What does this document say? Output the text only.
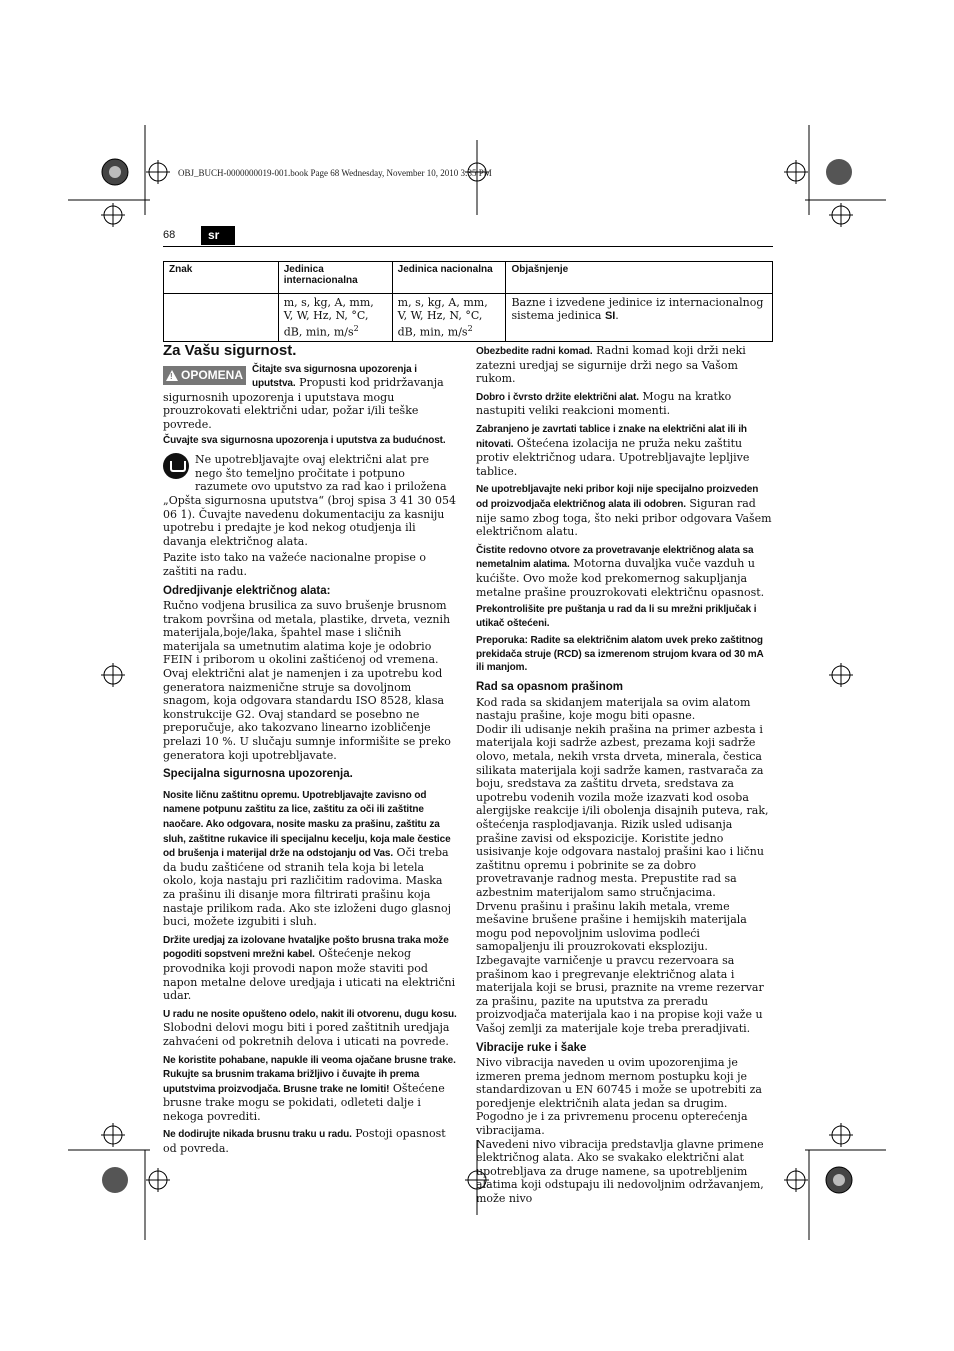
OBJ_BUCH-0000000019-001.book Page 68 Wednesday, November 10, 2010 3:35 PM
68	sr
Znak	Jedinica internacionalna	Jedinica nacionalna	Objašnjenje
	m, s, kg, A, mm, V, W, Hz, N, °C, dB, min, $m/s^2$	m, s, kg, A, mm, V, W, Hz, N, °C, dB, min, $m/s^2$	Bazne i izvedene jedinice iz internacionalnog sistema jedinica SI.
Za Vašu sigurnost.
! OPOMENA Čitajte sva sigurnosna upozorenja i uputstva. Propusti kod pridržavanja sigurnosnih upozorenja i uputstava mogu prouzrokovati električni udar, požar i/ili teške povrede.

Čuvajte sva sigurnosna upozorenja i uputstva za budućnost.

Ne upotrebljavajte ovaj električni alat pre nego što temeljno pročitate i potpuno razumete ovo uputstvo za rad kao i priložena „Opšta sigurnosna uputstva“ (broj spisa 3 41 30 054 06 1). Čuvajte navedenu dokumentaciju za kasniju upotrebu i predajte je kod nekog otudjenja ili davanja električnog alata.

Pazite isto tako na važeće nacionalne propise o zaštiti na radu.

Odredjivanje električnog alata:

Ručno vodjena brusilica za suvo brušenje brusnom trakom površina od metala, plastike, drveta, veznih materijala,boje/laka, špahtel mase i sličnih materijala sa umetnutim alatima koje je odobrio FEIN i priborom u okolini zaštićenoj od vremena.

Ovaj električni alat je namenjen i za upotrebu kod generatora naizmenične struje sa dovoljnom snagom, koja odgovara standardu ISO 8528, klasa konstrukcije G2. Ovaj standard se posebno ne preporučuje, ako takozvano linearno izobličenje prelazi 10 %. U slučaju sumnje informišite se preko generatora koji upotrebljavate.

Specijalna sigurnosna upozorenja.

Nosite ličnu zaštitnu opremu. Upotrebljavajte zavisno od namene potpunu zaštitu za lice, zaštitu za oči ili zaštitne naočare. Ako odgovara, nosite masku za prašinu, zaštitu za sluh, zaštitne rukavice ili specijalnu kecelju, koja male čestice od brušenja i materijal drže na odstojanju od Vas. Oči treba da budu zaštićene od stranih tela koja bi letela okolo, koja nastaju pri različitim radovima. Maska za prašinu ili disanje mora filtrirati prašinu koja nastaje prilikom rada. Ako ste izloženi dugo glasnoj buci, možete izgubiti i sluh.

Držite uredjaj za izolovane hvataljke pošto brusna traka može pogoditi sopstveni mrežni kabel. Oštećenje nekog provodnika koji provodi napon može staviti pod napon metalne delove uredjaja i uticati na električni udar.

U radu ne nosite opušteno odelo, nakit ili otvorenu, dugu kosu. Slobodni delovi mogu biti i pored zaštitnih uredjaja zahvaćeni od pokretnih delova i uticati na povrede.

Ne koristite pohabane, napukle ili veoma ojačane brusne trake. Rukujte sa brusnim trakama brižljivo i čuvajte ih prema uputstvima proizvodjača. Brusne trake ne lomiti! Oštećene brusne trake mogu se pokidati, odleteti dalje i nekoga povrediti.

Ne dodirujte nikada brusnu traku u radu. Postoji opasnost od povreda.

Obezbedite radni komad. Radni komad koji drži neki zatezni uredjaj se sigurnije drži nego sa Vašom rukom.

Dobro i čvrsto držite električni alat. Mogu na kratko nastupiti veliki reakcioni momenti.

Zabranjeno je zavrtati tablice i znake na električni alat ili ih nitovati. Oštećena izolacija ne pruža neku zaštitu protiv električnog udara. Upotrebljavajte lepljive tablice.

Ne upotrebljavajte neki pribor koji nije specijalno proizveden od proizvodjača električnog alata ili odobren. Siguran rad nije samo zbog toga, što neki pribor odgovara Vašem električnom alatu.

Čistite redovno otvore za provetravanje električnog alata sa nemetalnim alatima. Motorna duvaljka vuče vazduh u kućište. Ovo može kod prekomernog sakupljanja metalne prašine prouzrokovati električnu opasnost.

Prekontrolišite pre puštanja u rad da li su mrežni priključak i utikač oštećeni.

Preporuka: Radite sa električnim alatom uvek preko zaštitnog prekidača struje (RCD) sa izmerenom strujom kvara od 30 mA ili manjom.

Rad sa opasnom prašinom

Kod rada sa skidanjem materijala sa ovim alatom nastaju prašine, koje mogu biti opasne.

Dodir ili udisanje nekih prašina na primer azbesta i materijala koji sadrže azbest, prezama koji sadrže olovo, metala, nekih vrsta drveta, minerala, čestica silikata materijala koji sadrže kamen, rastvarača za boju, sredstava za zaštitu drveta, sredstava za upotrebu vodenih vozila može izazvati kod osoba alergijske reakcije i/ili obolenja disajnih puteva, rak, oštećenja rasplodjavanja. Rizik usled udisanja prašine zavisi od ekspozicije. Koristite jedno usisivanje koje odgovara nastaloj prašini kao i ličnu zaštitnu opremu i pobrinite se za dobro provetravanje radnog mesta. Prepustite rad sa azbestnim materijalom samo stručnjacima.

Drvenu prašinu i prašinu lakih metala, vreme mešavine brušene prašine i hemijskih materijala mogu pod nepovoljnim uslovima podleći samopaljenju ili prouzrokovati eksploziju. Izbegavajte varničenje u pravcu rezervoara sa prašinom kao i pregrevanje električnog alata i materijala koji se brusi, praznite na vreme rezervar za prašinu, pazite na uputstva za preradu proizvodjača materijala kao i na propise koji važe u Vašoj zemlji za materijale koje treba preradjivati.

Vibracije ruke i šake

Nivo vibracija naveden u ovim upozorenjima je izmeren prema jednom mernom postupku koji je standardizovan u EN 60745 i može se upotrebiti za poredjenje električnih alata jedan sa drugim. Pogodno je i za privremenu procenu opterećenja vibracijama.

Navedeni nivo vibracija predstavlja glavne primene električnog alata. Ako se svakako električni alat upotrebljava za druge namene, sa upotrebljenim alatima koji odstupaju ili nedovoljnim održavanjem, može nivo
